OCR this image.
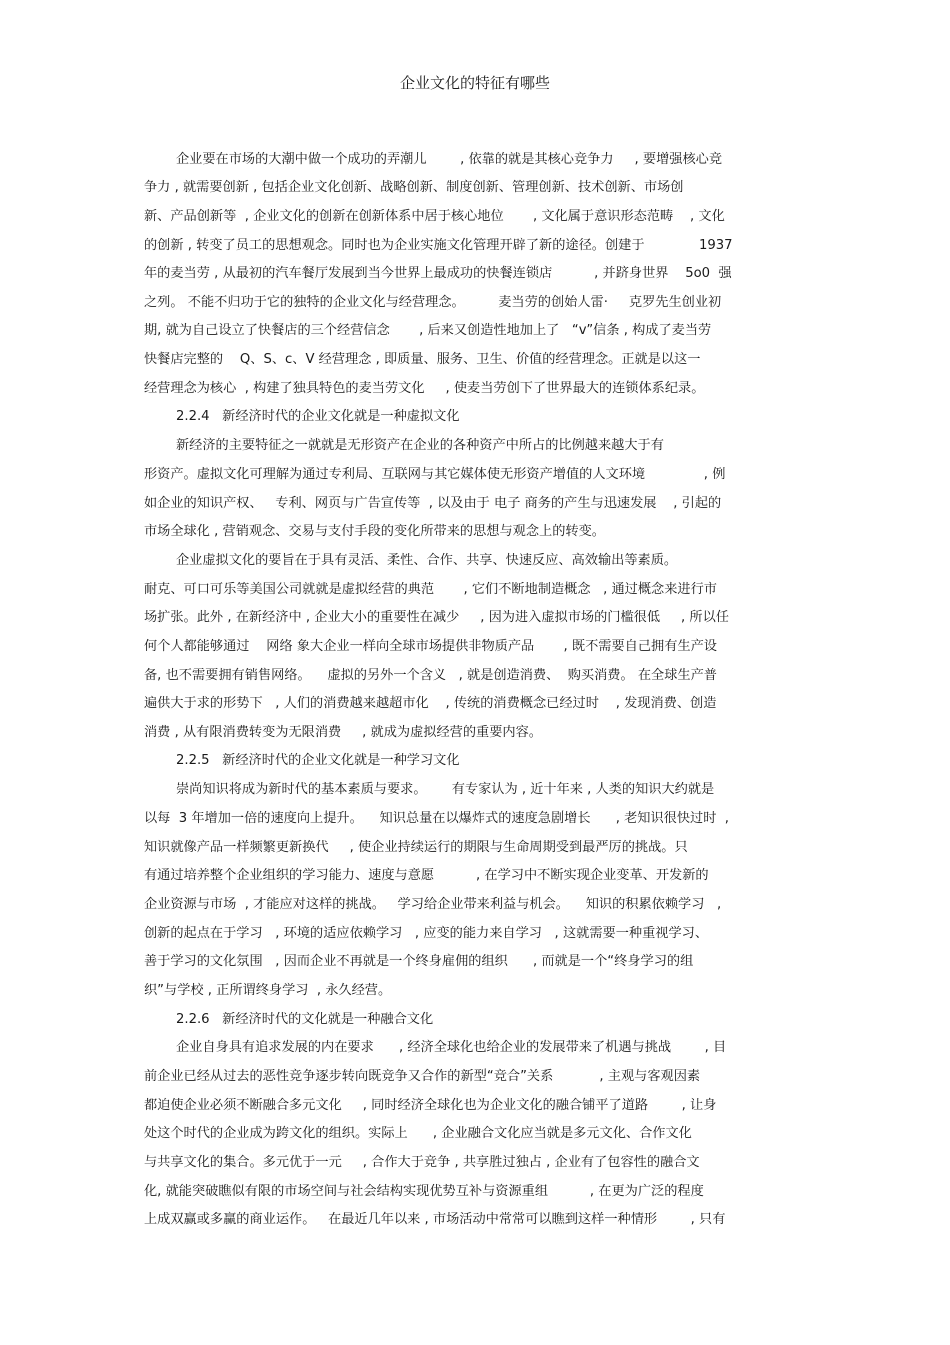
企业文化的特征有哪些
企业要在市场的大潮中做一个成功的弄潮儿        , 依靠的就是其核心竞争力     , 要增强核心竞
争力 , 就需要创新 , 包括企业文化创新、战略创新、制度创新、管理创新、技术创新、市场创
新、产品创新等  , 企业文化的创新在创新体系中居于核心地位       , 文化属于意识形态范畴    , 文化
的创新 , 转变了员工的思想观念。同时也为企业实施文化管理开辟了新的途径。创建于             1937
年的麦当劳 , 从最初的汽车餐厅发展到当今世界上最成功的快餐连锁店          , 并跻身世界    5o0  强
之列。 不能不归功于它的独特的企业文化与经营理念。        麦当劳的创始人雷·     克罗先生创业初
期, 就为自己设立了快餐店的三个经营信念       , 后来又创造性地加上了   “v”信条 , 构成了麦当劳
快餐店完整的    Q、S、c、V 经营理念 , 即质量、服务、卫生、价值的经营理念。正就是以这一
经营理念为核心  , 构建了独具特色的麦当劳文化     , 使麦当劳创下了世界最大的连锁体系纪录。
2.2.4   新经济时代的企业文化就是一种虚拟文化
新经济的主要特征之一就就是无形资产在企业的各种资产中所占的比例越来越大于有
形资产。虚拟文化可理解为通过专利局、互联网与其它媒体使无形资产增值的人文环境              , 例
如企业的知识产权、   专利、网页与广告宣传等  , 以及由于 电子 商务的产生与迅速发展    , 引起的
市场全球化 , 营销观念、交易与支付手段的变化所带来的思想与观念上的转变。
企业虚拟文化的要旨在于具有灵活、柔性、合作、共享、快速反应、高效输出等素质。
耐克、可口可乐等美国公司就就是虚拟经营的典范       , 它们不断地制造概念   , 通过概念来进行市
场扩张。此外 , 在新经济中 , 企业大小的重要性在减少     , 因为进入虚拟市场的门槛很低     , 所以任
何个人都能够通过    网络 象大企业一样向全球市场提供非物质产品       , 既不需要自己拥有生产设
备, 也不需要拥有销售网络。    虚拟的另外一个含义   , 就是创造消费、  购买消费。 在全球生产普
遍供大于求的形势下   , 人们的消费越来越超市化    , 传统的消费概念已经过时    , 发现消费、创造
消费 , 从有限消费转变为无限消费     , 就成为虚拟经营的重要内容。
2.2.5   新经济时代的企业文化就是一种学习文化
崇尚知识将成为新时代的基本素质与要求。      有专家认为 , 近十年来 , 人类的知识大约就是
以每  3 年增加一倍的速度向上提升。    知识总量在以爆炸式的速度急剧增长      , 老知识很快过时  ,
知识就像产品一样频繁更新换代     , 使企业持续运行的期限与生命周期受到最严厉的挑战。只
有通过培养整个企业组织的学习能力、速度与意愿          , 在学习中不断实现企业变革、开发新的
企业资源与市场  , 才能应对这样的挑战。   学习给企业带来利益与机会。    知识的积累依赖学习   ,
创新的起点在于学习   , 环境的适应依赖学习   , 应变的能力来自学习   , 这就需要一种重视学习、
善于学习的文化氛围   , 因而企业不再就是一个终身雇佣的组织      , 而就是一个“终身学习的组
织”与学校 , 正所谓终身学习  , 永久经营。
2.2.6   新经济时代的文化就是一种融合文化
企业自身具有追求发展的内在要求      , 经济全球化也给企业的发展带来了机遇与挑战        , 目
前企业已经从过去的恶性竞争逐步转向既竞争又合作的新型“竞合”关系           , 主观与客观因素
都迫使企业必须不断融合多元文化     , 同时经济全球化也为企业文化的融合铺平了道路        , 让身
处这个时代的企业成为跨文化的组织。实际上      , 企业融合文化应当就是多元文化、合作文化
与共享文化的集合。多元优于一元     , 合作大于竞争 , 共享胜过独占 , 企业有了包容性的融合文
化, 就能突破瞧似有限的市场空间与社会结构实现优势互补与资源重组          , 在更为广泛的程度
上成双赢或多赢的商业运作。   在最近几年以来 , 市场活动中常常可以瞧到这样一种情形        , 只有
